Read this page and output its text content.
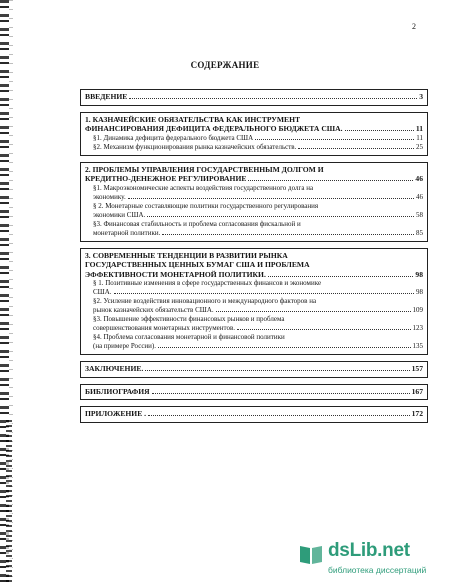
2
СОДЕРЖАНИЕ
ВВЕДЕНИЕ	3
1. КАЗНАЧЕЙСКИЕ ОБЯЗАТЕЛЬСТВА КАК ИНСТРУМЕНТ
ФИНАНСИРОВАНИЯ ДЕФИЦИТА ФЕДЕРАЛЬНОГО БЮДЖЕТА США.	11
§1. Динамика дефицита федерального бюджета США	11
§2. Механизм функционирования рынка казначейских обязательств.	25
2. ПРОБЛЕМЫ УПРАВЛЕНИЯ ГОСУДАРСТВЕННЫМ ДОЛГОМ И
КРЕДИТНО-ДЕНЕЖНОЕ РЕГУЛИРОВАНИЕ	46
§1. Макроэкономические аспекты воздействия государственного долга на
экономику.	46
§ 2. Монетарные составляющие политики государственного регулирования
экономики США.	58
§3. Финансовая стабильность и проблема согласования фискальной и
монетарной политики.	85
3. СОВРЕМЕННЫЕ ТЕНДЕНЦИИ В РАЗВИТИИ РЫНКА
ГОСУДАРСТВЕННЫХ ЦЕННЫХ БУМАГ США И ПРОБЛЕМА
ЭФФЕКТИВНОСТИ МОНЕТАРНОЙ ПОЛИТИКИ.	98
§ 1. Позитивные изменения в сфере государственных финансов и экономике
США.	98
§2. Усиление воздействия инновационного и международного факторов на
рынок казначейских обязательств США.	109
§3. Повышение эффективности финансовых рынков и проблема
совершенствования монетарных инструментов.	123
§4. Проблема согласования монетарной и финансовой политики
(на примере России).	135
ЗАКЛЮЧЕНИЕ.	157
БИБЛИОГРАФИЯ	167
ПРИЛОЖЕНИЕ .	172
dsLib.net
библиотека диссертаций
